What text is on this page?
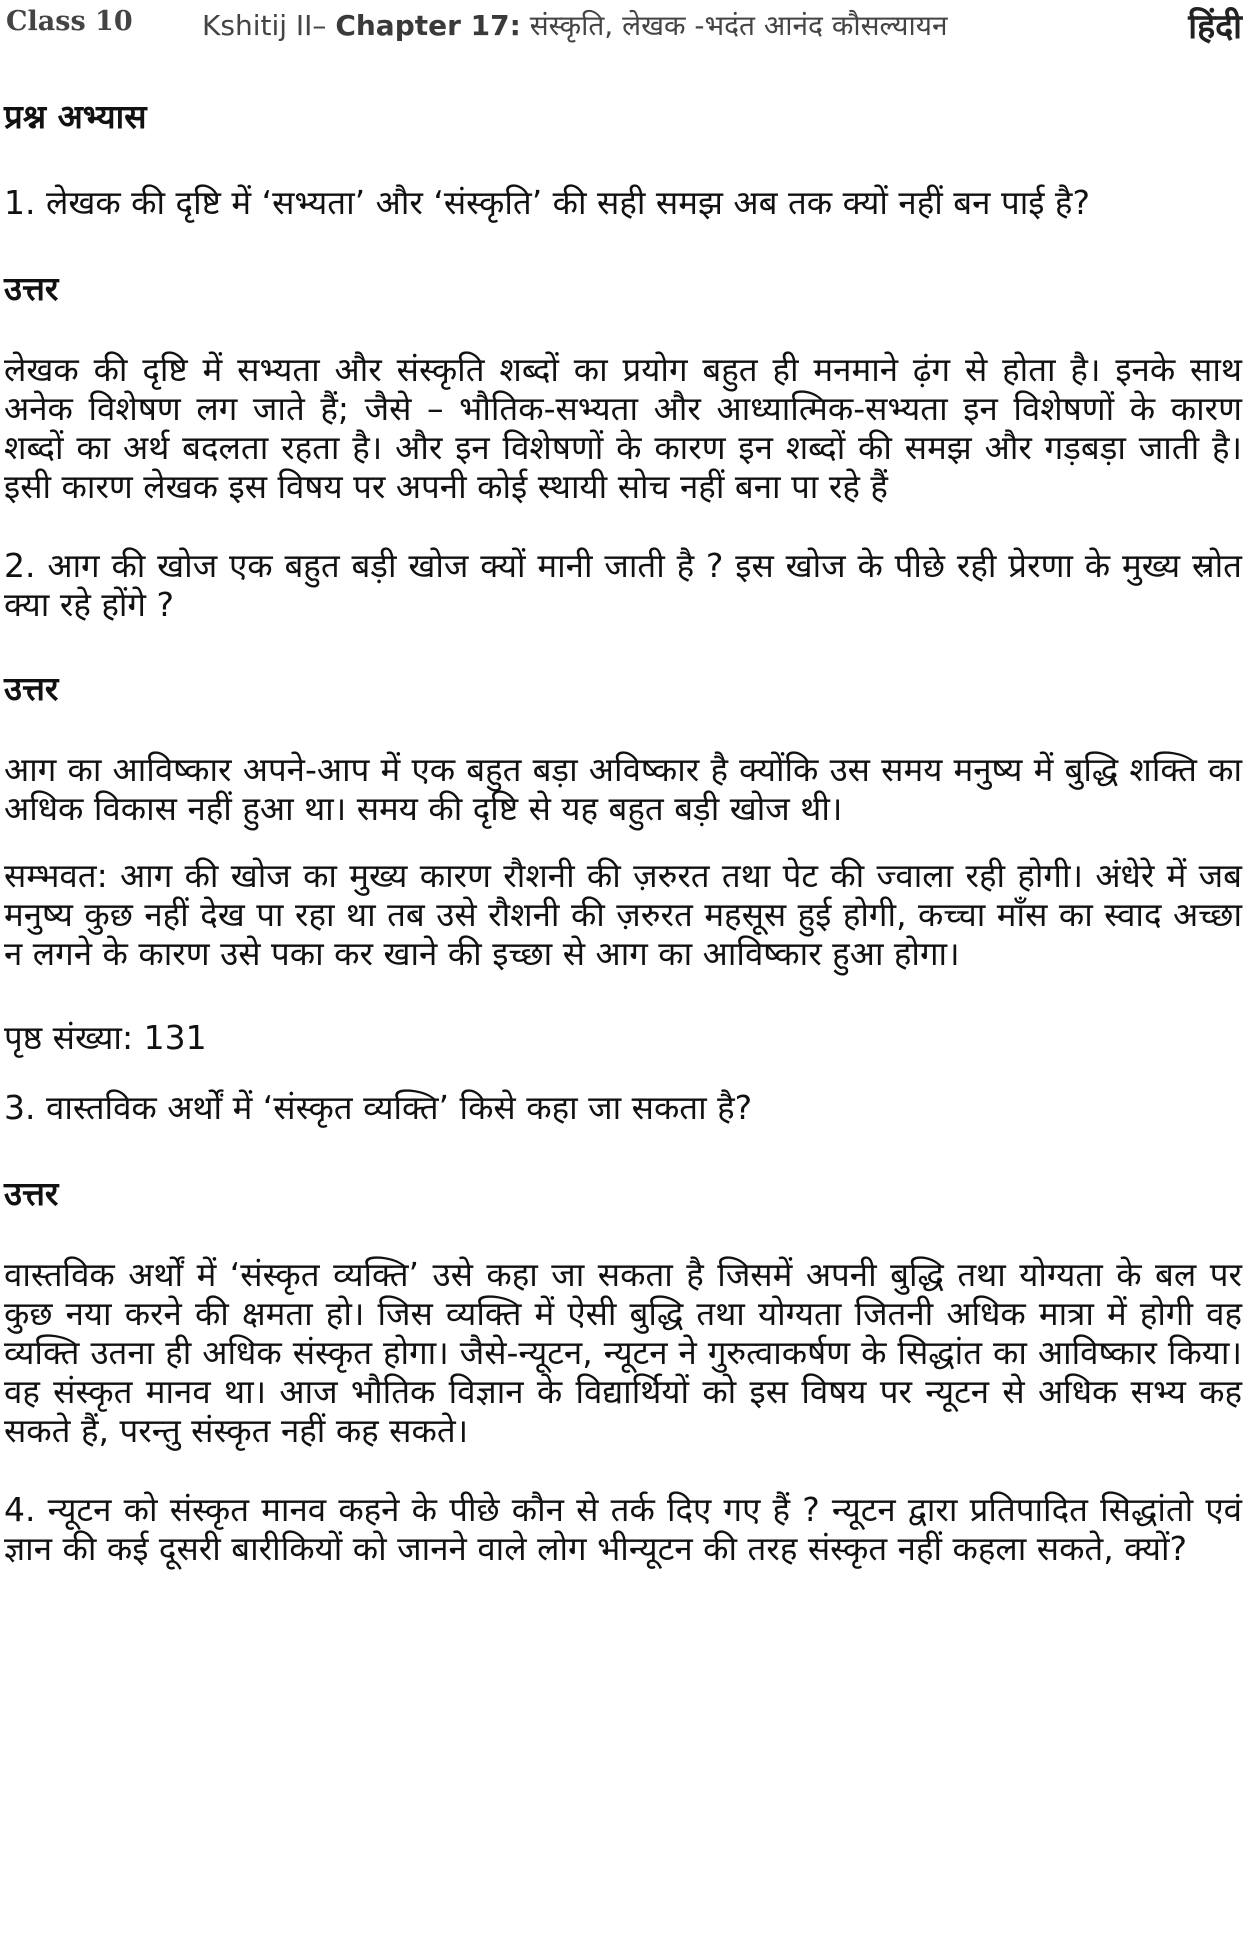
Class 10 Kshitij II– Chapter 17: संस्कृति, लेखक -भदंत आनंद कौसल्यायन	हिंदी

प्रश्न अभ्यास

1. लेखक की दृष्टि में ‘सभ्यता’ और ‘संस्कृति’ की सही समझ अब तक क्यों नहीं बन पाई है?

उत्तर

लेखक की दृष्टि में सभ्यता और संस्कृति शब्दों का प्रयोग बहुत ही मनमाने ढ़ंग से होता है। इनके साथ अनेक विशेषण लग जाते हैं; जैसे – भौतिक-सभ्यता और आध्यात्मिक-सभ्यता इन विशेषणों के कारण शब्दों का अर्थ बदलता रहता है। और इन विशेषणों के कारण इन शब्दों की समझ और गड़बड़ा जाती है। इसी कारण लेखक इस विषय पर अपनी कोई स्थायी सोच नहीं बना पा रहे हैं

2. आग की खोज एक बहुत बड़ी खोज क्यों मानी जाती है ? इस खोज के पीछे रही प्रेरणा के मुख्य स्रोत क्या रहे होंगे ?

उत्तर

आग का आविष्कार अपने-आप में एक बहुत बड़ा अविष्कार है क्योंकि उस समय मनुष्य में बुद्धि शक्ति का अधिक विकास नहीं हुआ था। समय की दृष्टि से यह बहुत बड़ी खोज थी।

सम्भवत: आग की खोज का मुख्य कारण रौशनी की ज़रुरत तथा पेट की ज्वाला रही होगी। अंधेरे में जब मनुष्य कुछ नहीं देख पा रहा था तब उसे रौशनी की ज़रुरत महसूस हुई होगी, कच्चा माँस का स्वाद अच्छा न लगने के कारण उसे पका कर खाने की इच्छा से आग का आविष्कार हुआ होगा।

पृष्ठ संख्या: 131

3. वास्तविक अर्थों में ‘संस्कृत व्यक्ति’ किसे कहा जा सकता है?

उत्तर

वास्तविक अर्थों में ‘संस्कृत व्यक्ति’ उसे कहा जा सकता है जिसमें अपनी बुद्धि तथा योग्यता के बल पर कुछ नया करने की क्षमता हो। जिस व्यक्ति में ऐसी बुद्धि तथा योग्यता जितनी अधिक मात्रा में होगी वह व्यक्ति उतना ही अधिक संस्कृत होगा। जैसे-न्यूटन, न्यूटन ने गुरुत्वाकर्षण के सिद्धांत का आविष्कार किया। वह संस्कृत मानव था। आज भौतिक विज्ञान के विद्यार्थियों को इस विषय पर न्यूटन से अधिक सभ्य कह सकते हैं, परन्तु संस्कृत नहीं कह सकते।

4. न्यूटन को संस्कृत मानव कहने के पीछे कौन से तर्क दिए गए हैं ? न्यूटन द्वारा प्रतिपादित सिद्धांतो एवं ज्ञान की कई दूसरी बारीकियों को जानने वाले लोग भीन्यूटन की तरह संस्कृत नहीं कहला सकते, क्यों?
